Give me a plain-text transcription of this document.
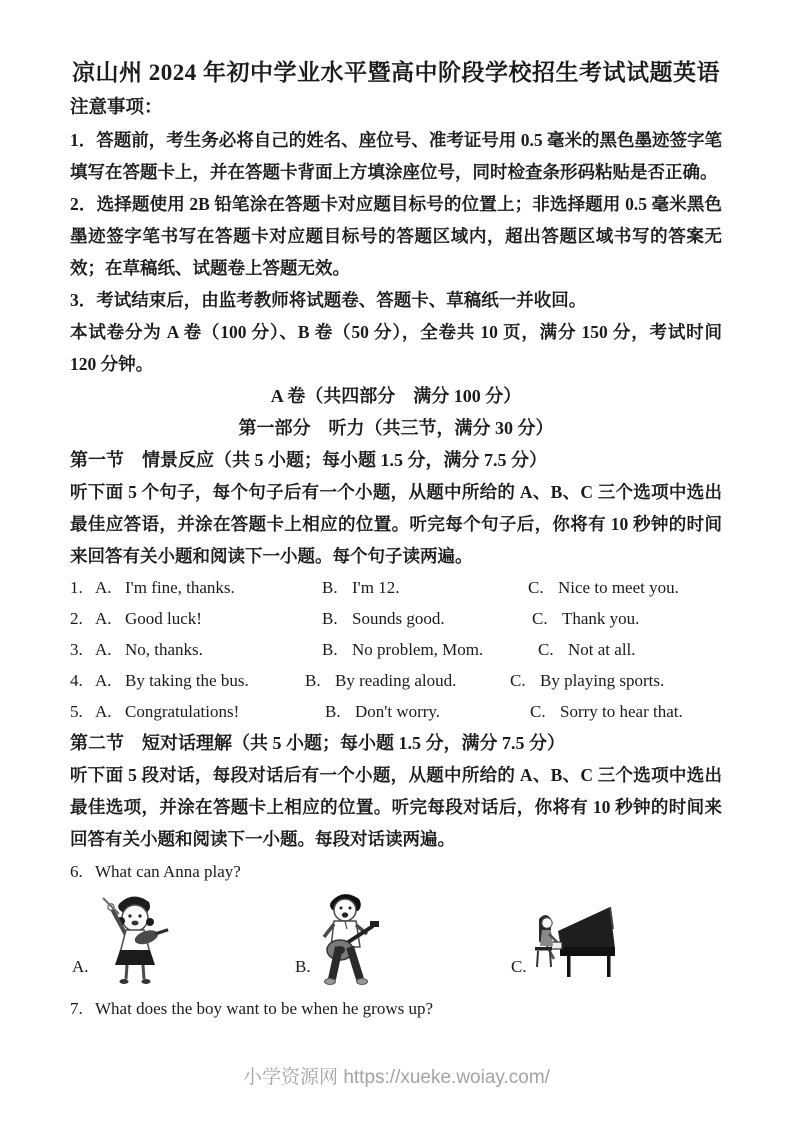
凉山州 2024 年初中学业水平暨高中阶段学校招生考试试题英语

注意事项：

1．答题前，考生务必将自己的姓名、座位号、准考证号用 0.5 毫米的黑色墨迹签字笔填写在答题卡上，并在答题卡背面上方填涂座位号，同时检查条形码粘贴是否正确。

2．选择题使用 2B 铅笔涂在答题卡对应题目标号的位置上；非选择题用 0.5 毫米黑色墨迹签字笔书写在答题卡对应题目标号的答题区域内，超出答题区域书写的答案无效；在草稿纸、试题卷上答题无效。

3．考试结束后，由监考教师将试题卷、答题卡、草稿纸一并收回。

本试卷分为 A 卷（100 分）、B 卷（50 分），全卷共 10 页，满分 150 分，考试时间 120 分钟。

A 卷（共四部分　满分 100 分）

第一部分　听力（共三节，满分 30 分）

第一节　情景反应（共 5 小题；每小题 1.5 分，满分 7.5 分）

听下面 5 个句子，每个句子后有一个小题，从题中所给的 A、B、C 三个选项中选出最佳应答语，并涂在答题卡上相应的位置。听完每个句子后，你将有 10 秒钟的时间来回答有关小题和阅读下一小题。每个句子读两遍。

1. A. I'm fine, thanks.	B. I'm 12.	C. Nice to meet you.
2. A. Good luck!	B. Sounds good.	C. Thank you.
3. A. No, thanks.	B. No problem, Mom.	C. Not at all.
4. A. By taking the bus.	B. By reading aloud.	C. By playing sports.
5. A. Congratulations!	B. Don't worry.	C. Sorry to hear that.

第二节　短对话理解（共 5 小题；每小题 1.5 分，满分 7.5 分）

听下面 5 段对话，每段对话后有一个小题，从题中所给的 A、B、C 三个选项中选出最佳选项，并涂在答题卡上相应的位置。听完每段对话后，你将有 10 秒钟的时间来回答有关小题和阅读下一小题。每段对话读两遍。

6. What can Anna play?

A.	B.	C.

7. What does the boy want to be when he grows up?

小学资源网 https://xueke.woiay.com/
